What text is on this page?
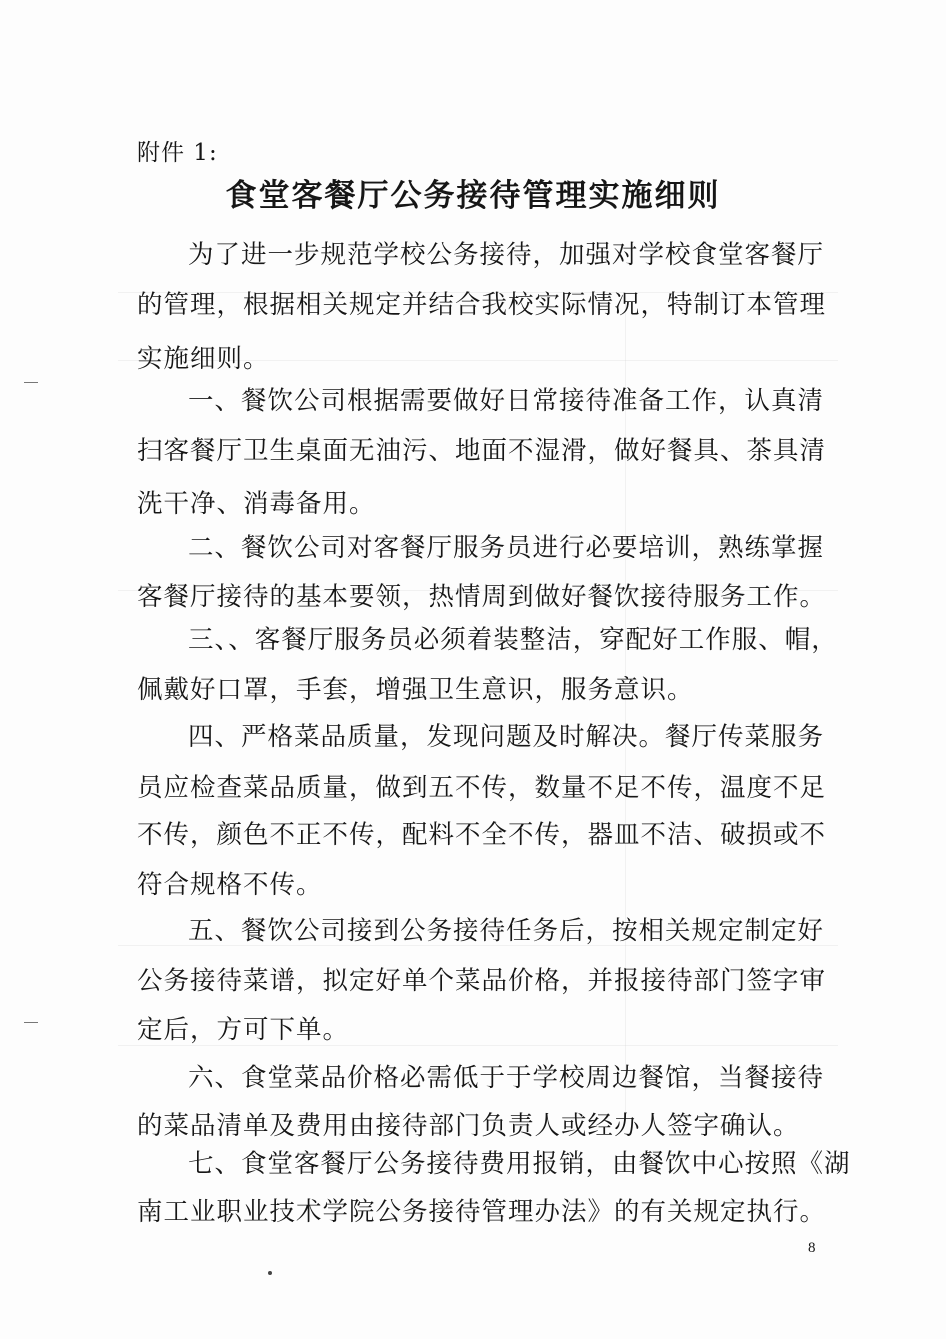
附件 1:
食堂客餐厅公务接待管理实施细则
为了进一步规范学校公务接待，加强对学校食堂客餐厅
的管理，根据相关规定并结合我校实际情况，特制订本管理
实施细则。
一、餐饮公司根据需要做好日常接待准备工作，认真清
扫客餐厅卫生桌面无油污、地面不湿滑，做好餐具、茶具清
洗干净、消毒备用。
二、餐饮公司对客餐厅服务员进行必要培训，熟练掌握
客餐厅接待的基本要领，热情周到做好餐饮接待服务工作。
三、、客餐厅服务员必须着装整洁，穿配好工作服、帽，
佩戴好口罩，手套，增强卫生意识，服务意识。
四、严格菜品质量，发现问题及时解决。餐厅传菜服务
员应检查菜品质量，做到五不传，数量不足不传，温度不足
不传，颜色不正不传，配料不全不传，器皿不洁、破损或不
符合规格不传。
五、餐饮公司接到公务接待任务后，按相关规定制定好
公务接待菜谱，拟定好单个菜品价格，并报接待部门签字审
定后，方可下单。
六、食堂菜品价格必需低于于学校周边餐馆，当餐接待
的菜品清单及费用由接待部门负责人或经办人签字确认。
七、食堂客餐厅公务接待费用报销，由餐饮中心按照《湖
南工业职业技术学院公务接待管理办法》的有关规定执行。
8
